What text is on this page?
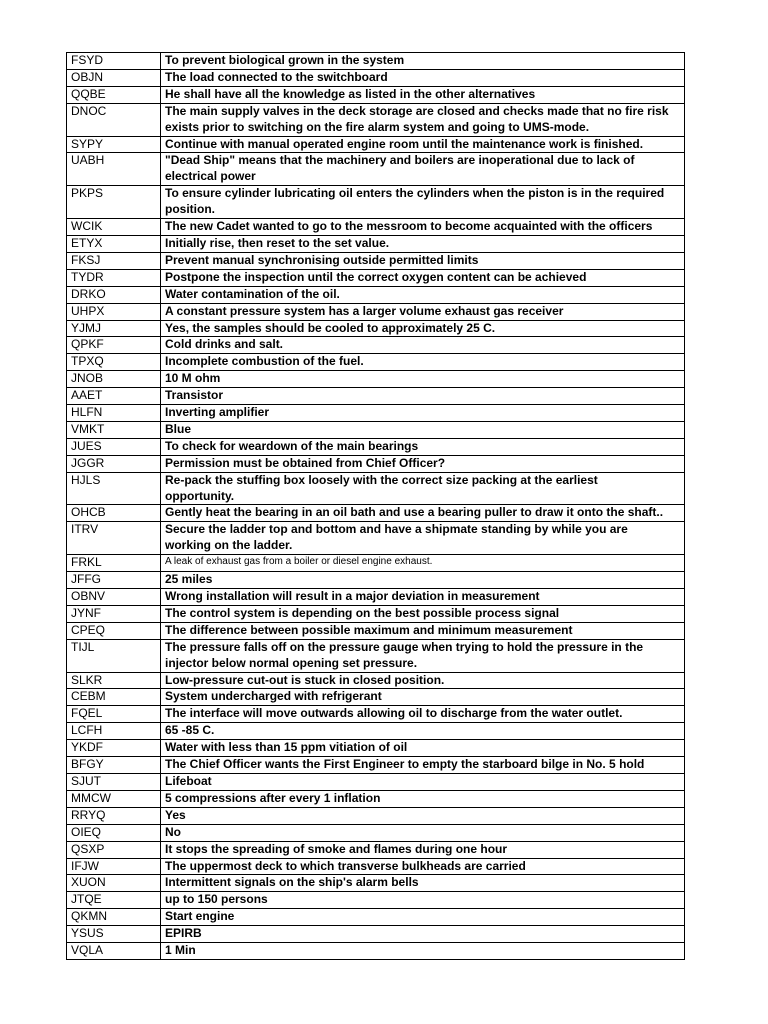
FSYD	To prevent biological grown in the system

OBJN	The load connected to the switchboard

QQBE	He shall have all the knowledge as listed in the other alternatives

DNOC	The main supply valves in the deck storage are closed and checks made that no fire risk
exists prior to switching on the fire alarm system and going to UMS-mode.

SYPY	Continue with manual operated engine room until the maintenance work is finished.

UABH	"Dead Ship" means that the machinery and boilers are inoperational due to lack of
electrical power

PKPS	To ensure cylinder lubricating oil enters the cylinders when the piston is in the required
position.

WCIK	The new Cadet wanted to go to the messroom to become acquainted with the officers

ETYX	Initially rise, then reset to the set value.

FKSJ	Prevent manual synchronising outside permitted limits

TYDR	Postpone the inspection until the correct oxygen content can be achieved

DRKO	Water contamination of the oil.

UHPX	A constant pressure system has a larger volume exhaust gas receiver

YJMJ	Yes, the samples should be cooled to approximately 25 C.

QPKF	Cold drinks and salt.

TPXQ	Incomplete combustion of the fuel.

JNOB	10 M ohm

AAET	Transistor

HLFN	Inverting amplifier

VMKT	Blue

JUES	To check for weardown of the main bearings

JGGR	Permission must be obtained from Chief Officer?

HJLS	Re-pack the stuffing box loosely with the correct size packing at the earliest
opportunity.

OHCB	Gently heat the bearing in an oil bath and use a bearing puller to draw it onto the shaft..

ITRV	Secure the ladder top and bottom and have a shipmate standing by while you are
working on the ladder.

FRKL	A leak of exhaust gas from a boiler or diesel engine exhaust.

JFFG	25 miles

OBNV	Wrong installation will result in a major deviation in measurement

JYNF	The control system is depending on the best possible process signal

CPEQ	The difference between possible maximum and minimum measurement

TIJL	The pressure falls off on the pressure gauge when trying to hold the pressure in the
injector below normal opening set pressure.

SLKR	Low-pressure cut-out is stuck in closed position.

CEBM	System undercharged with refrigerant

FQEL	The interface will move outwards allowing oil to discharge from the water outlet.

LCFH	65 -85 C.

YKDF	Water with less than 15 ppm vitiation of oil

BFGY	The Chief Officer wants the First Engineer to empty the starboard bilge in No. 5 hold

SJUT	Lifeboat

MMCW	5 compressions after every 1 inflation

RRYQ	Yes

OIEQ	No

QSXP	It stops the spreading of smoke and flames during one hour

IFJW	The uppermost deck to which transverse bulkheads are carried

XUON	Intermittent signals on the ship's alarm bells

JTQE	up to 150 persons

QKMN	Start engine

YSUS	EPIRB

VQLA	1 Min
